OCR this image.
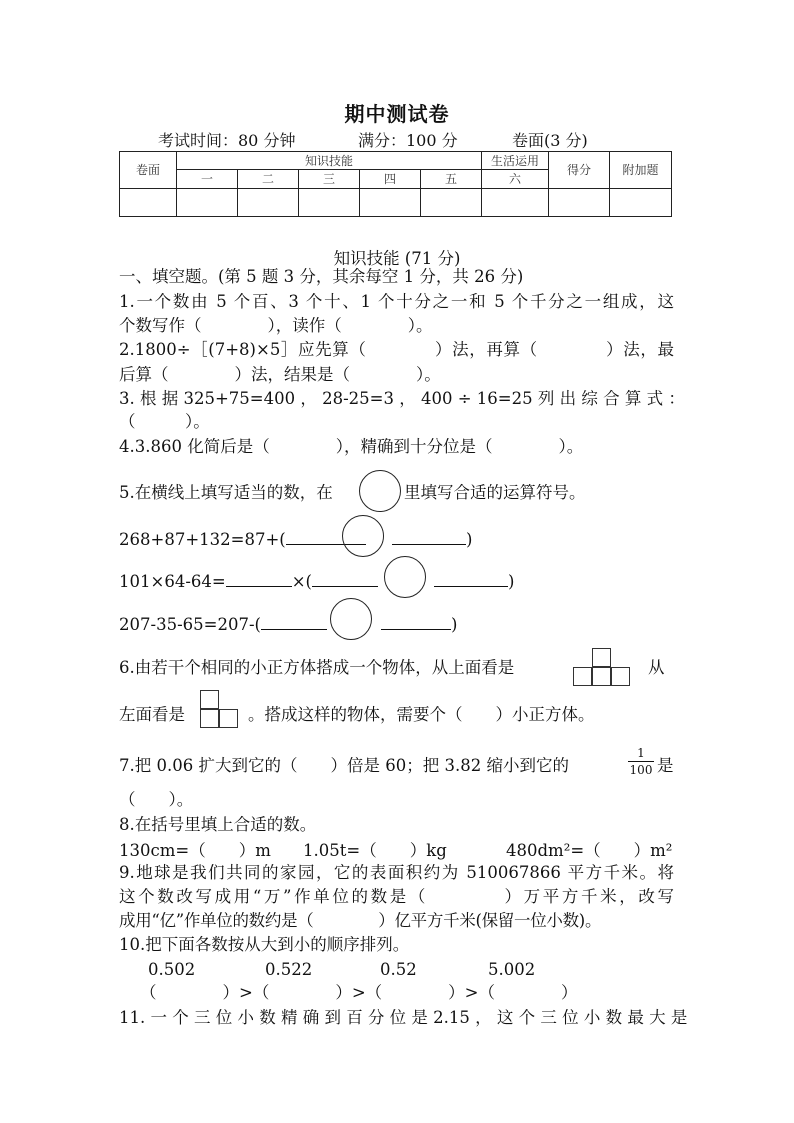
期中测试卷
考试时间：80 分钟	满分：100 分	卷面(3 分)
卷面	知识技能					生活运用	得分	附加题
	一	二	三	四	五	六		

知识技能 (71 分)
一、填空题。(第 5 题 3 分，其余每空 1 分，共 26 分)
1.一个数由 5 个百、3 个十、1 个十分之一和 5 个千分之一组成，这
个数写作（　　　　），读作（　　　　）。
2.1800÷［(7+8)×5］应先算（　　　　）法，再算（　　　　）法，最
后算（　　　　）法，结果是（　　　　）。
3. 根 据 325+75=400 ， 28-25=3 ， 400 ÷ 16=25 列 出 综 合 算 式 ：
（　　　）。
4.3.860 化简后是（　　　　），精确到十分位是（　　　　）。
5.在横线上填写适当的数，在	里填写合适的运算符号。
268+87+132=87+(	)
101×64-64=	×(	)
207-35-65=207-(	)
6.由若干个相同的小正方体搭成一个物体，从上面看是	从
左面看是	。搭成这样的物体，需要个（　　）小正方体。
7.把 0.06 扩大到它的（　　）倍是 60；把 3.82 缩小到它的
1
100 是
（　　）。
8.在括号里填上合适的数。
130cm=（　　）m 1.05t=（　　）kg	480dm²=（　　）m²
9.地球是我们共同的家园，它的表面积约为 510067866 平方千米。将
这个数改写成用“万”作单位的数是（　　　　）万平方千米，改写
成用“亿”作单位的数约是（　　　　）亿平方千米(保留一位小数)。
10.把下面各数按从大到小的顺序排列。
0.502	0.522	0.52	5.002
（　　　　）>（　　　　）>（　　　　）>（　　　　）
11. 一 个 三 位 小 数 精 确 到 百 分 位 是 2.15 ， 这 个 三 位 小 数 最 大 是
